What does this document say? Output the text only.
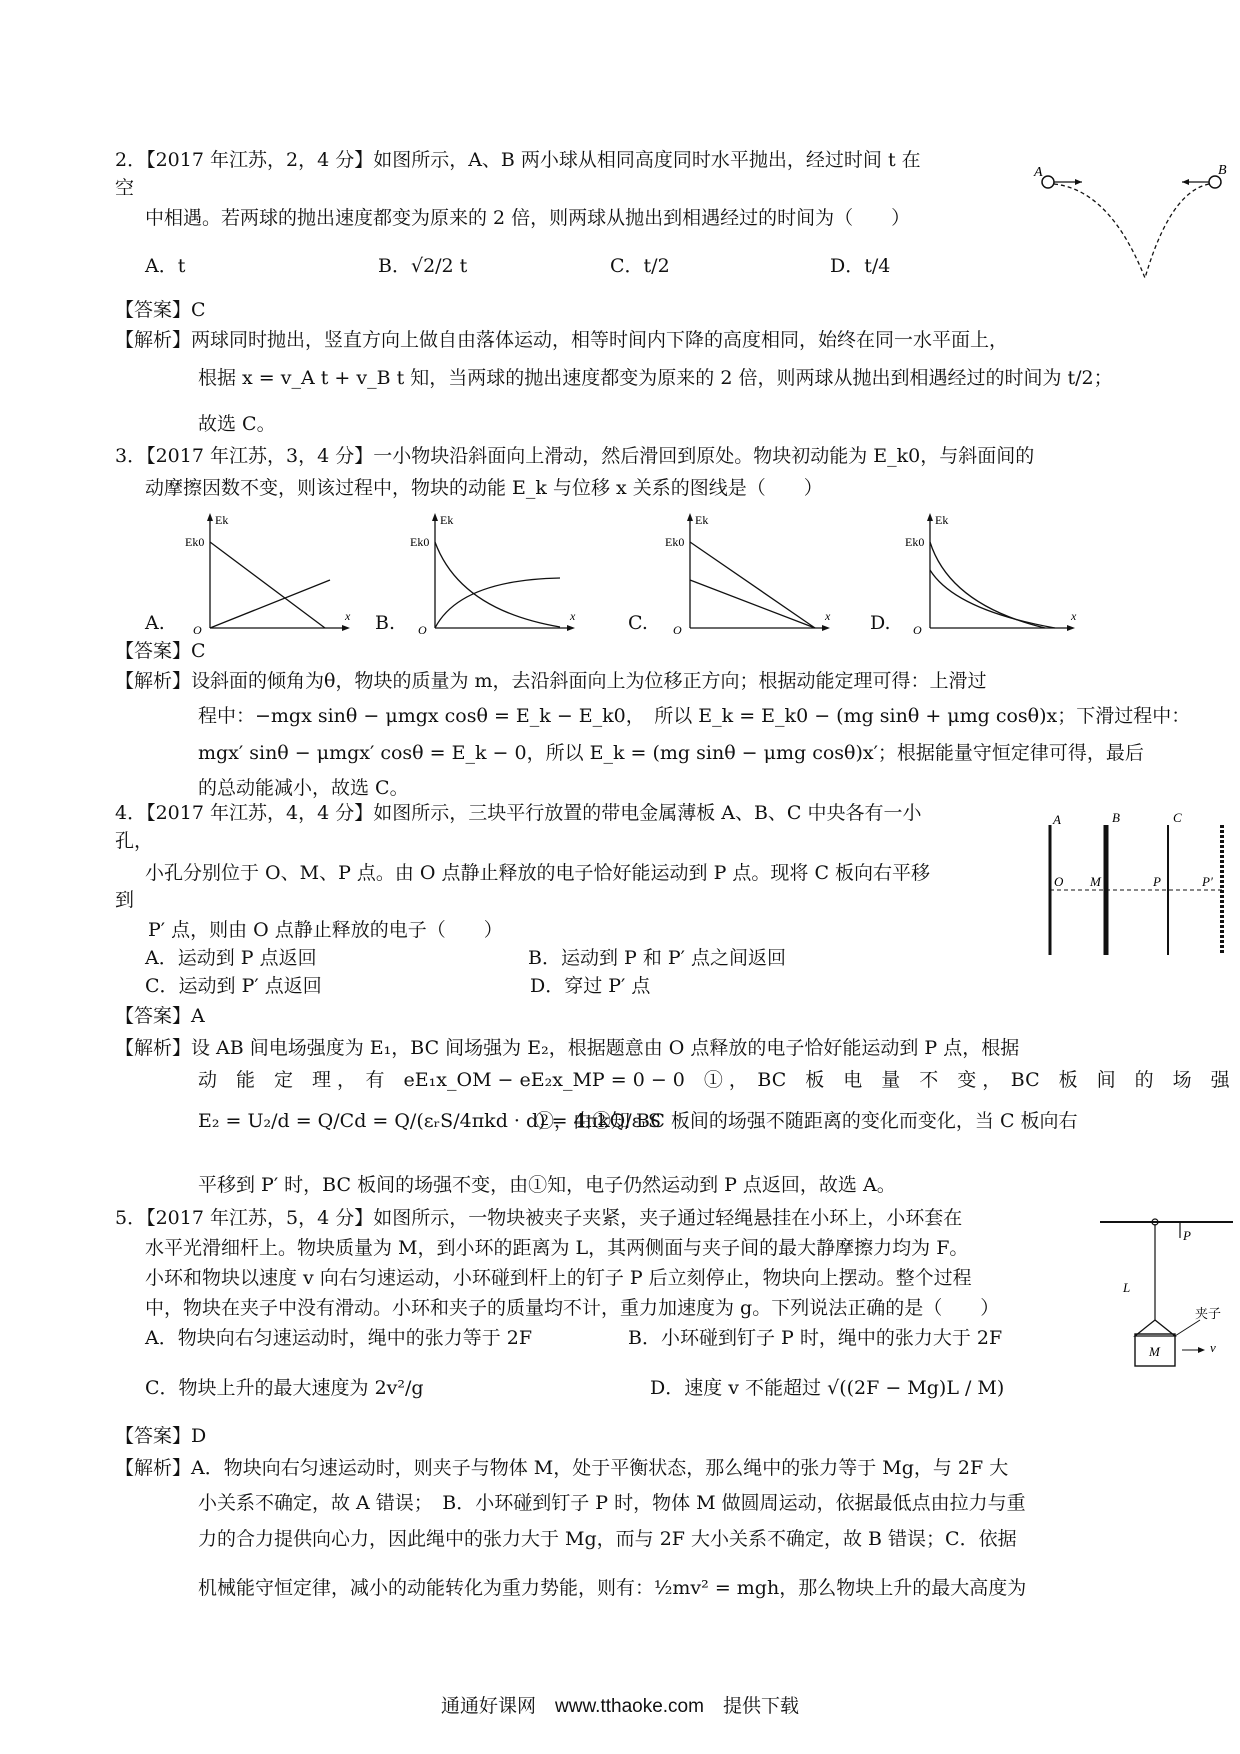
2．【2017 年江苏，2，4 分】如图所示，A、B 两小球从相同高度同时水平抛出，经过时间 t 在
空
中相遇。若两球的抛出速度都变为原来的 2 倍，则两球从抛出到相遇经过的时间为（　　）
A．t	B．√2/2 t	C．t/2	D．t/4
【答案】C
【解析】两球同时抛出，竖直方向上做自由落体运动，相等时间内下降的高度相同，始终在同一水平面上，
根据 x = v_A t + v_B t 知，当两球的抛出速度都变为原来的 2 倍，则两球从抛出到相遇经过的时间为 t/2；
故选 C。
A	B
3．【2017 年江苏，3，4 分】一小物块沿斜面向上滑动，然后滑回到原处。物块初动能为 E_k0，与斜面间的
动摩擦因数不变，则该过程中，物块的动能 E_k 与位移 x 关系的图线是（　　）
A.
Ek
Ek0
x
O	B.
Ek
Ek0
x
O	C.
Ek
Ek0
x
O	D.
Ek
Ek0
x
O
【答案】C
【解析】设斜面的倾角为θ，物块的质量为 m，去沿斜面向上为位移正方向；根据动能定理可得：上滑过
程中：−mgx sinθ − μmgx cosθ = E_k − E_k0，　所以 E_k = E_k0 − (mg sinθ + μmg cosθ)x；下滑过程中：
mgx′ sinθ − μmgx′ cosθ = E_k − 0，所以 E_k = (mg sinθ − μmg cosθ)x′；根据能量守恒定律可得，最后
的总动能减小，故选 C。
4．【2017 年江苏，4，4 分】如图所示，三块平行放置的带电金属薄板 A、B、C 中央各有一小
孔，
小孔分别位于 O、M、P 点。由 O 点静止释放的电子恰好能运动到 P 点。现将 C 板向右平移
到
P′ 点，则由 O 点静止释放的电子（　　）
A．运动到 P 点返回	B．运动到 P 和 P′ 点之间返回
C．运动到 P′ 点返回	D．穿过 P′ 点
【答案】A
【解析】设 AB 间电场强度为 E₁，BC 间场强为 E₂，根据题意由 O 点释放的电子恰好能运动到 P 点，根据
动　能　定　理 ，　有　eE₁x_OM − eE₂x_MP = 0 − 0　① ，　BC　板　电　量　不　变 ，　BC　板　间　的　场　强
E₂ = U₂/d = Q/Cd = Q/(εᵣS/4πkd · d) = 4πkQ/εᵣS
②，由②知 BC 板间的场强不随距离的变化而变化，当 C 板向右
平移到 P′ 时，BC 板间的场强不变，由①知，电子仍然运动到 P 点返回，故选 A。
A	B	C
O M	P	P′
5．【2017 年江苏，5，4 分】如图所示，一物块被夹子夹紧，夹子通过轻绳悬挂在小环上，小环套在
水平光滑细杆上。物块质量为 M，到小环的距离为 L，其两侧面与夹子间的最大静摩擦力均为 F。
小环和物块以速度 v 向右匀速运动，小环碰到杆上的钉子 P 后立刻停止，物块向上摆动。整个过程
中，物块在夹子中没有滑动。小环和夹子的质量均不计，重力加速度为 g。下列说法正确的是（　　）
A．物块向右匀速运动时，绳中的张力等于 2F	B．小环碰到钉子 P 时，绳中的张力大于 2F
C．物块上升的最大速度为 2v²/g	D．速度 v 不能超过 √((2F − Mg)L / M)
【答案】D
【解析】A．物块向右匀速运动时，则夹子与物体 M，处于平衡状态，那么绳中的张力等于 Mg，与 2F 大
小关系不确定，故 A 错误；　B．小环碰到钉子 P 时，物体 M 做圆周运动，依据最低点由拉力与重
力的合力提供向心力，因此绳中的张力大于 Mg，而与 2F 大小关系不确定，故 B 错误；C．依据
机械能守恒定律，减小的动能转化为重力势能，则有：½mv² = mgh，那么物块上升的最大高度为
P
L
夹子
M	v
通通好课网　www.tthaoke.com　提供下载
